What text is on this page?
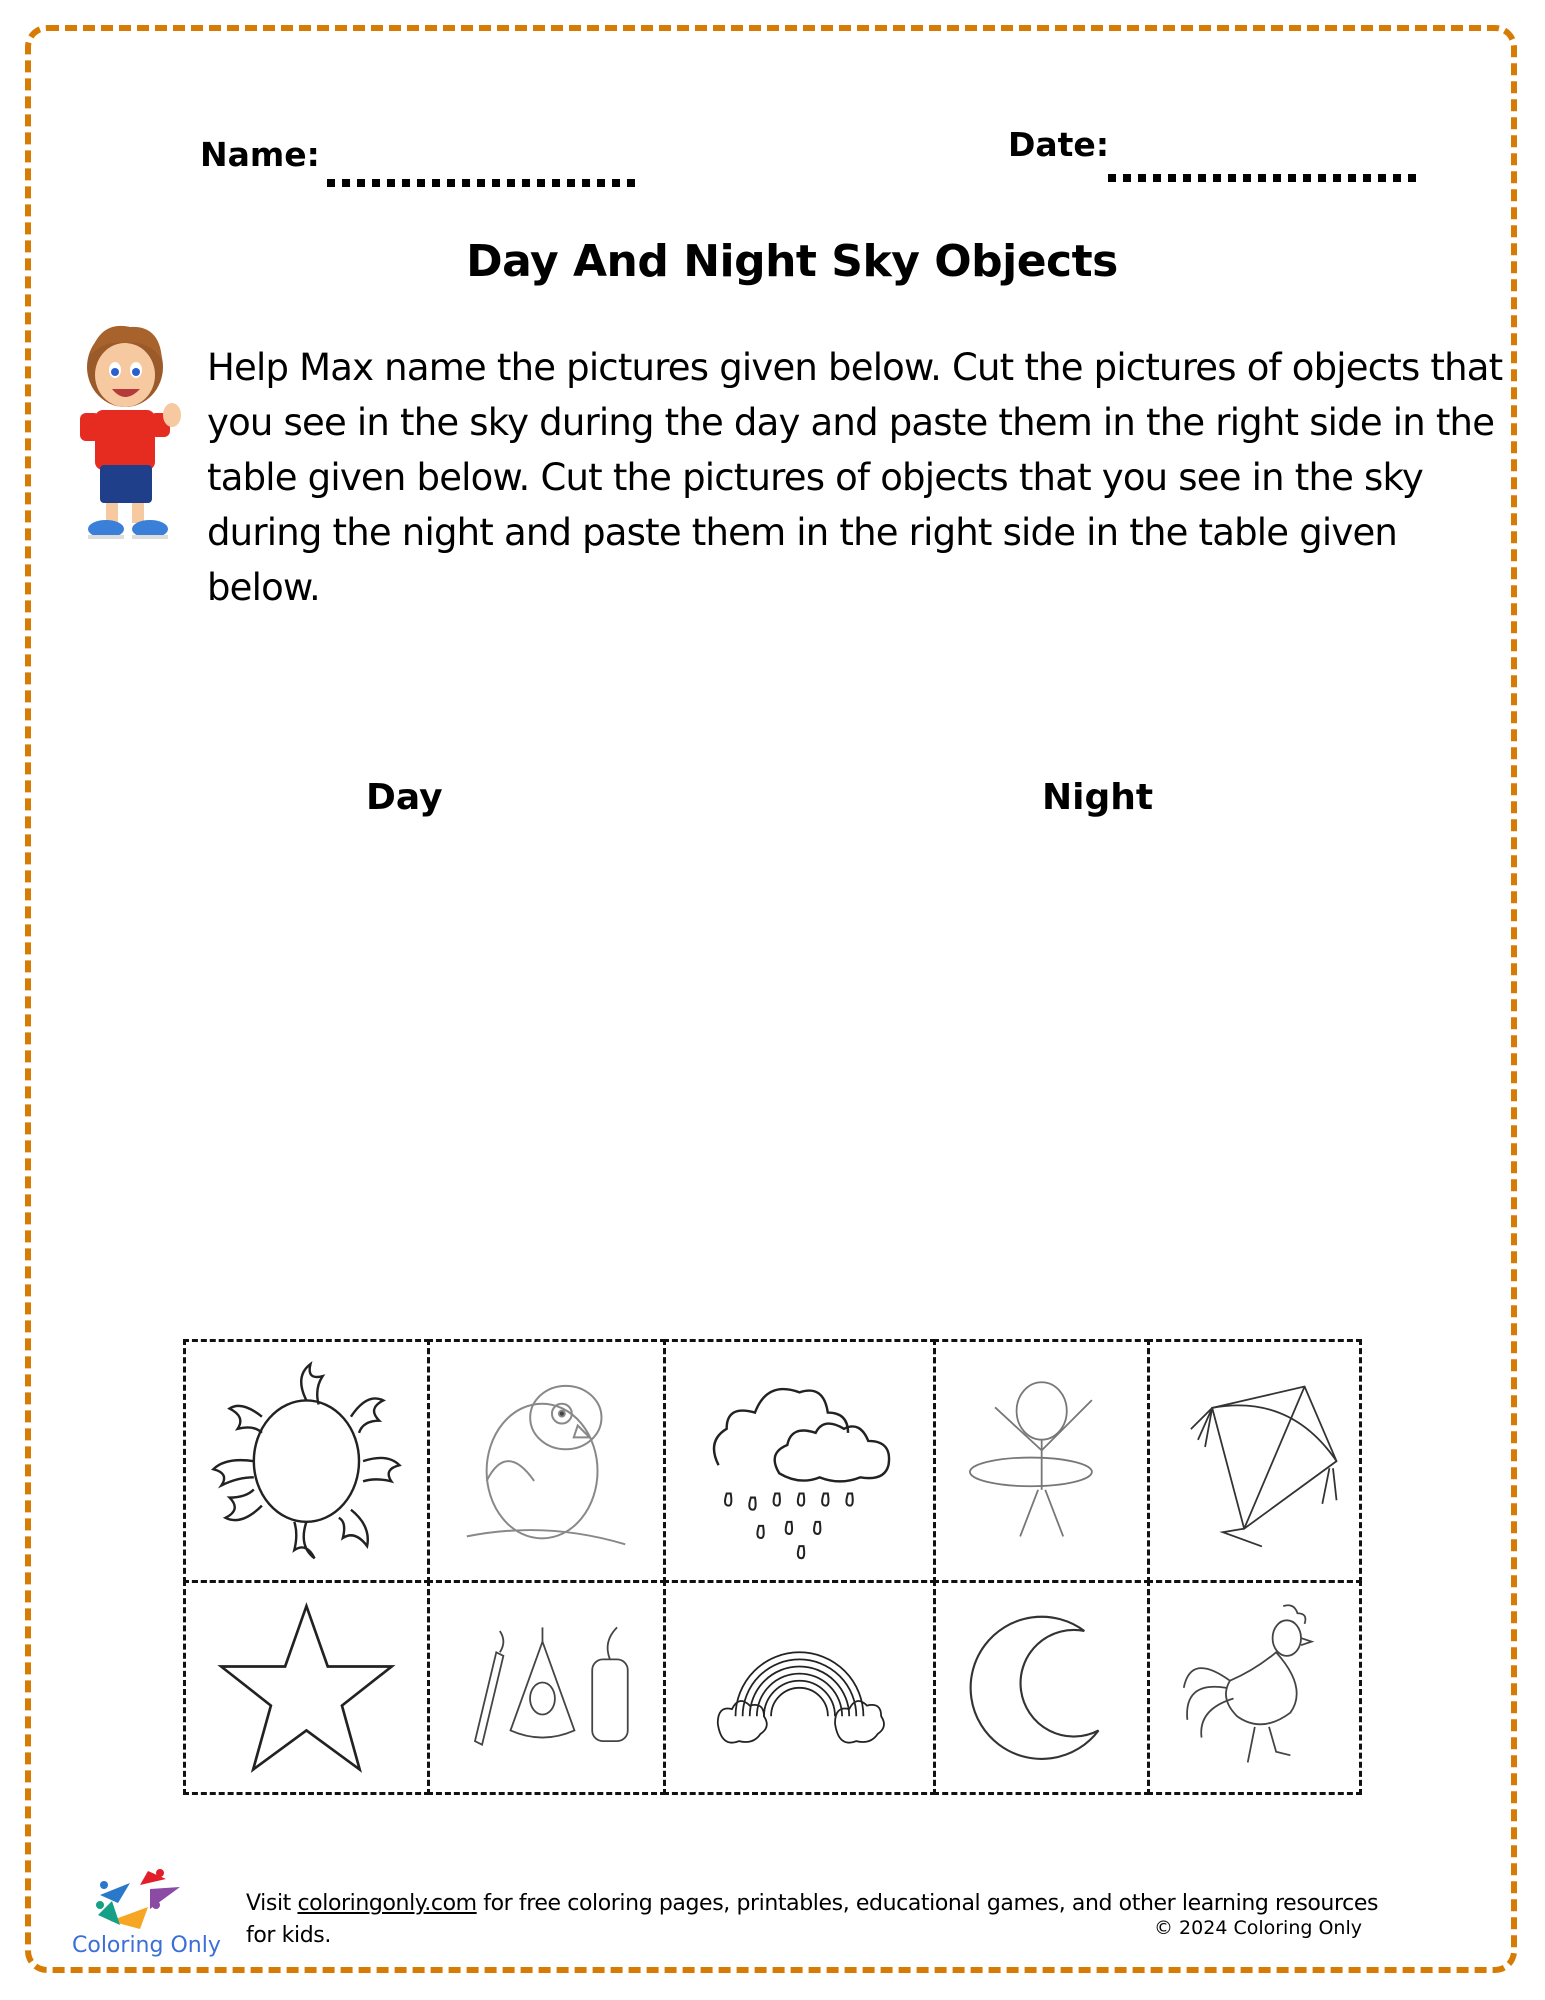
Name:	Date:
Day And Night Sky Objects
Help Max name the pictures given below. Cut the pictures of objects that you see in the sky during the day and paste them in the right side in the table given below. Cut the pictures of objects that you see in the sky during the night and paste them in the right side in the table given below.
Day	Night
Coloring Only
Visit coloringonly.com for free coloring pages, printables, educational games, and other learning resources for kids.	© 2024 Coloring Only
